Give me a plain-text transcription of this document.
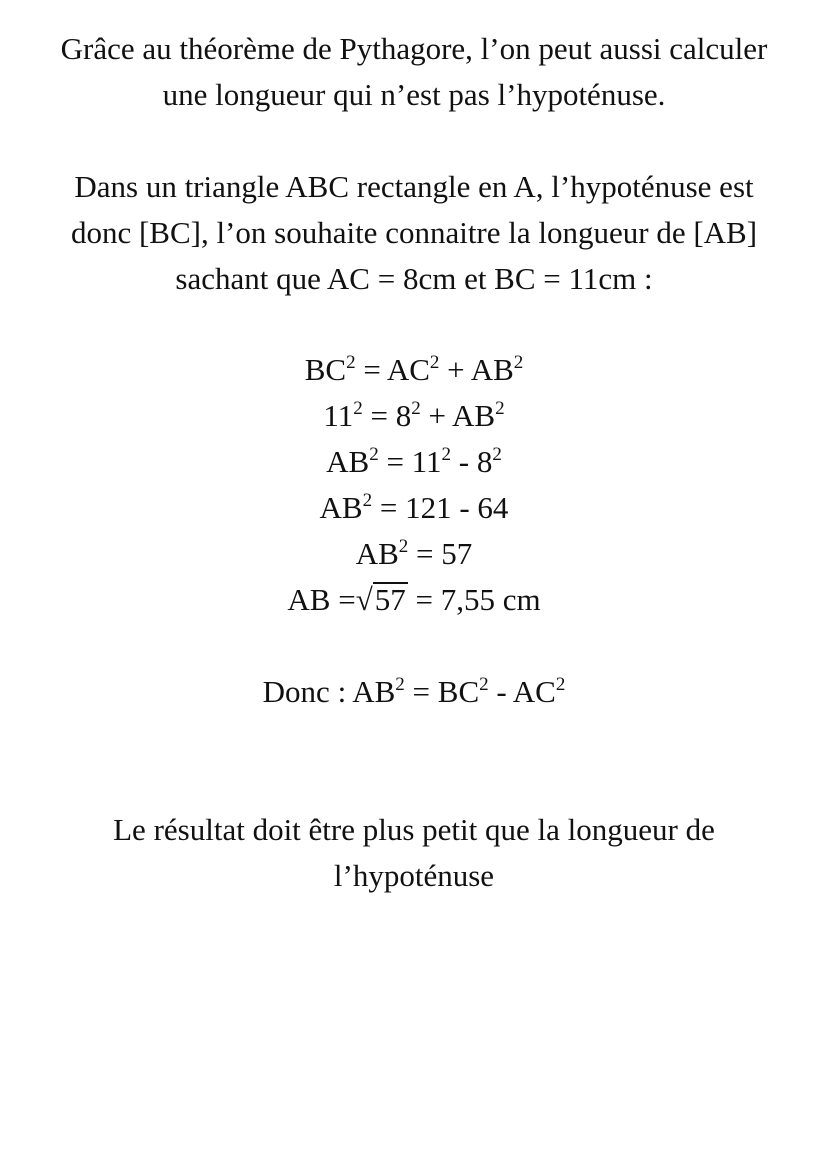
Grâce au théorème de Pythagore, l’on peut aussi calculer
une longueur qui n’est pas l’hypoténuse.

Dans un triangle ABC rectangle en A, l’hypoténuse est
donc [BC], l’on souhaite connaitre la longueur de [AB]
sachant que AC = 8cm et BC = 11cm :

$BC^2 = AC^2 + AB^2$
$11^2 = 8^2 + AB^2$
$AB^2 = 11^2 - 8^2$
$AB^2 = 121 - 64$
$AB^2 = 57$
AB =√57 = 7,55 cm
Donc : $AB^2 = BC^2 - AC^2$

Le résultat doit être plus petit que la longueur de
l’hypoténuse
